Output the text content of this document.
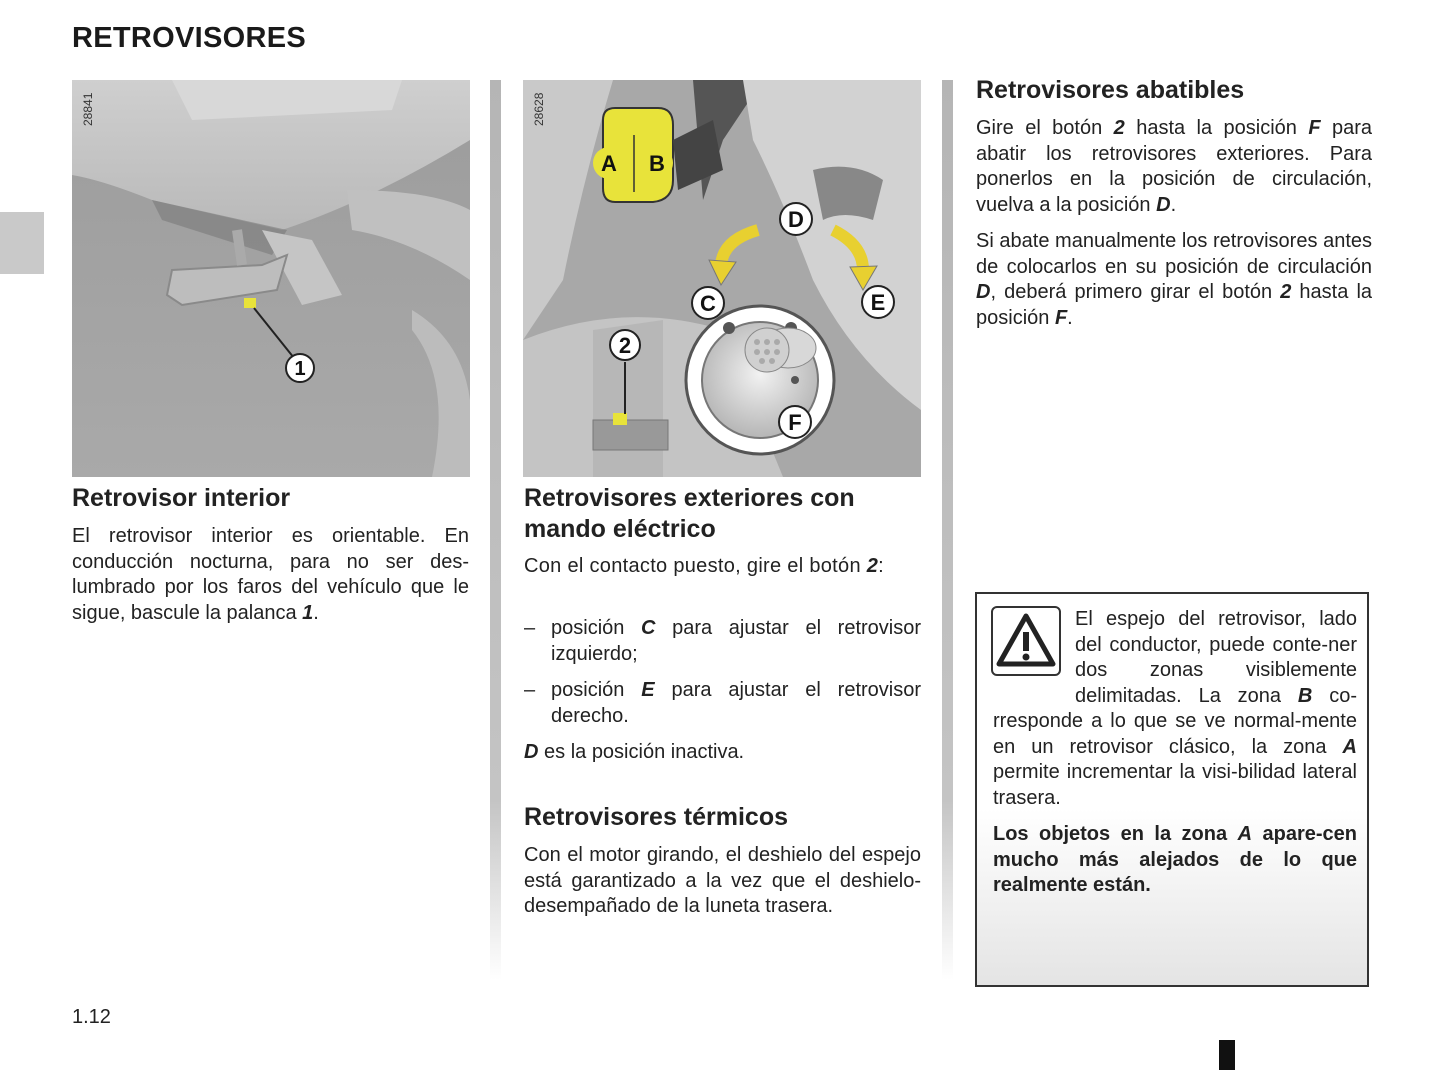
RETROVISORES
1
28841
A B
D
C	E
F
2
28628
Retrovisor interior

El retrovisor interior es orientable. En conducción nocturna, para no ser des-lumbrado por los faros del vehículo que le sigue, bascule la palanca 1.

Retrovisores exteriores con mando eléctrico

Con el contacto puesto, gire el botón 2:

– posición C para ajustar el retrovisor izquierdo;

– posición E para ajustar el retrovisor derecho.

D es la posición inactiva.

Retrovisores térmicos

Con el motor girando, el deshielo del espejo está garantizado a la vez que el deshielo-desempañado de la luneta trasera.

Retrovisores abatibles

Gire el botón 2 hasta la posición F para abatir los retrovisores exteriores. Para ponerlos en la posición de circulación, vuelva a la posición D.

Si abate manualmente los retrovisores antes de colocarlos en su posición de circulación D, deberá primero girar el botón 2 hasta la posición F.

El espejo del retrovisor, lado del conductor, puede conte-ner dos zonas visiblemente delimitadas. La zona B co-rresponde a lo que se ve normal-mente en un retrovisor clásico, la zona A permite incrementar la visi-bilidad lateral trasera.

Los objetos en la zona A apare-cen mucho más alejados de lo que realmente están.

1.12
